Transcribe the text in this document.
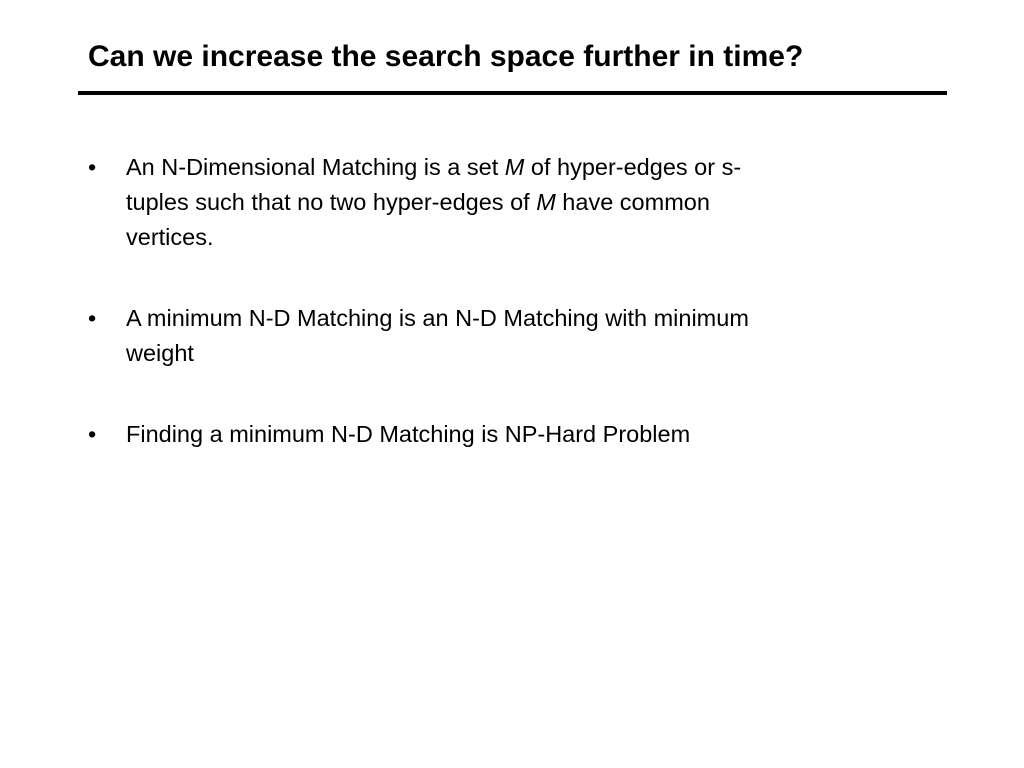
Can we increase the search space further in time?
•	An N-Dimensional Matching is a set M of hyper-edges or s-
tuples such that no two hyper-edges of M have common
vertices.
•	A minimum N-D Matching is an N-D Matching with minimum
weight
•	Finding a minimum N-D Matching is NP-Hard Problem
